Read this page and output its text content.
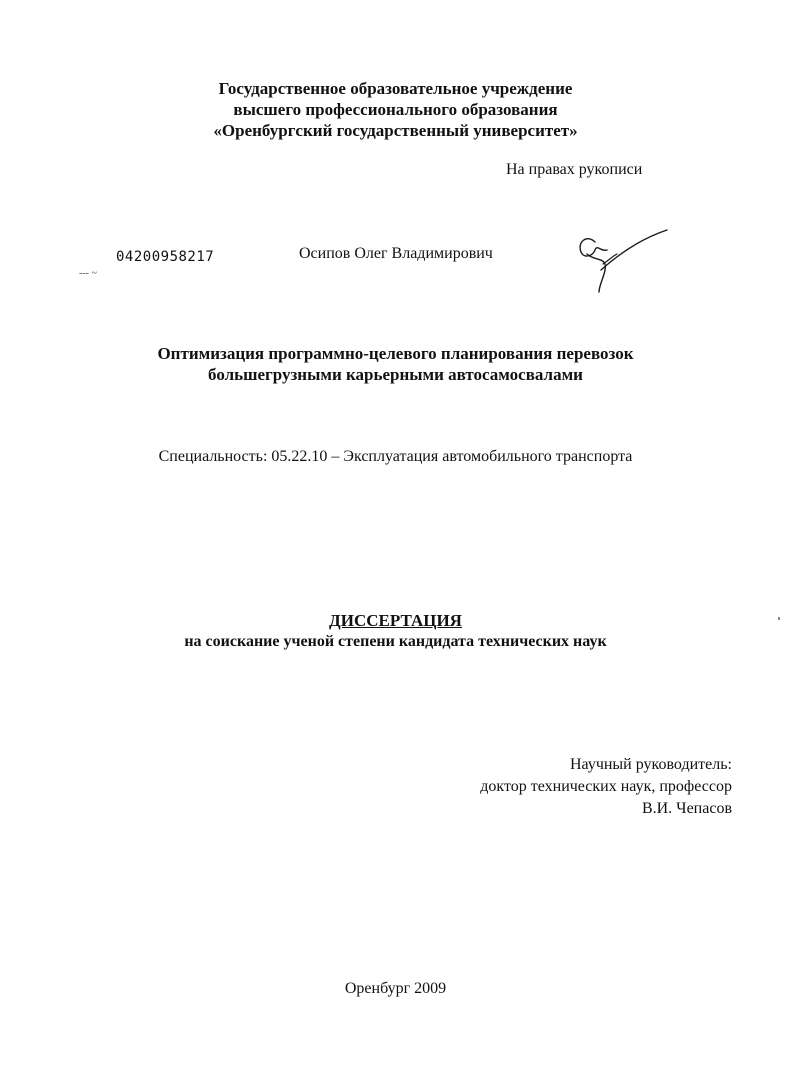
Государственное образовательное учреждение
высшего профессионального образования
«Оренбургский государственный университет»
На правах рукописи
04200958217
--- ~
Осипов Олег Владимирович
Оптимизация программно-целевого планирования перевозок
большегрузными карьерными автосамосвалами
Специальность: 05.22.10 – Эксплуатация автомобильного транспорта
ДИССЕРТАЦИЯ
на соискание ученой степени кандидата технических наук
Научный руководитель:
доктор технических наук, профессор
В.И. Чепасов
Оренбург 2009
